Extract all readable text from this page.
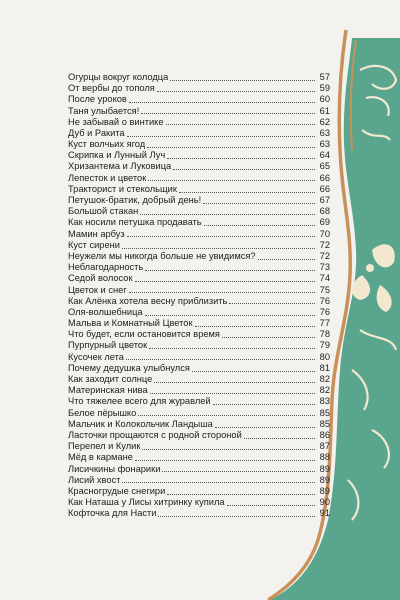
Огурцы вокруг колодца	57
От вербы до тополя	59
После уроков	60
Таня улыбается!	61
Не забывай о винтике	62
Дуб и Ракита	63
Куст волчьих ягод	63
Скрипка и Лунный Луч	64
Хризантема и Луковица	65
Лепесток и цветок	66
Тракторист и стекольщик	66
Петушок-братик, добрый день!	67
Большой стакан	68
Как носили петушка продавать	69
Мамин арбуз	70
Куст сирени	72
Неужели мы никогда больше не увидимся?	72
Неблагодарность	73
Седой волосок	74
Цветок и снег	75
Как Алёнка хотела весну приблизить	76
Оля-волшебница	76
Мальва и Комнатный Цветок	77
Что будет, если остановится время	78
Пурпурный цветок	79
Кусочек лета	80
Почему дедушка улыбнулся	81
Как заходит солнце	82
Материнская нива	82
Что тяжелее всего для журавлей	83
Белое пёрышко	85
Мальчик и Колокольчик Ландыша	85
Ласточки прощаются с родной стороной	86
Перепел и Кулик	87
Мёд в кармане	88
Лисичкины фонарики	89
Лисий хвост	89
Красногрудые снегири	89
Как Наташа у Лисы хитринку купила	90
Кофточка для Насти	91
